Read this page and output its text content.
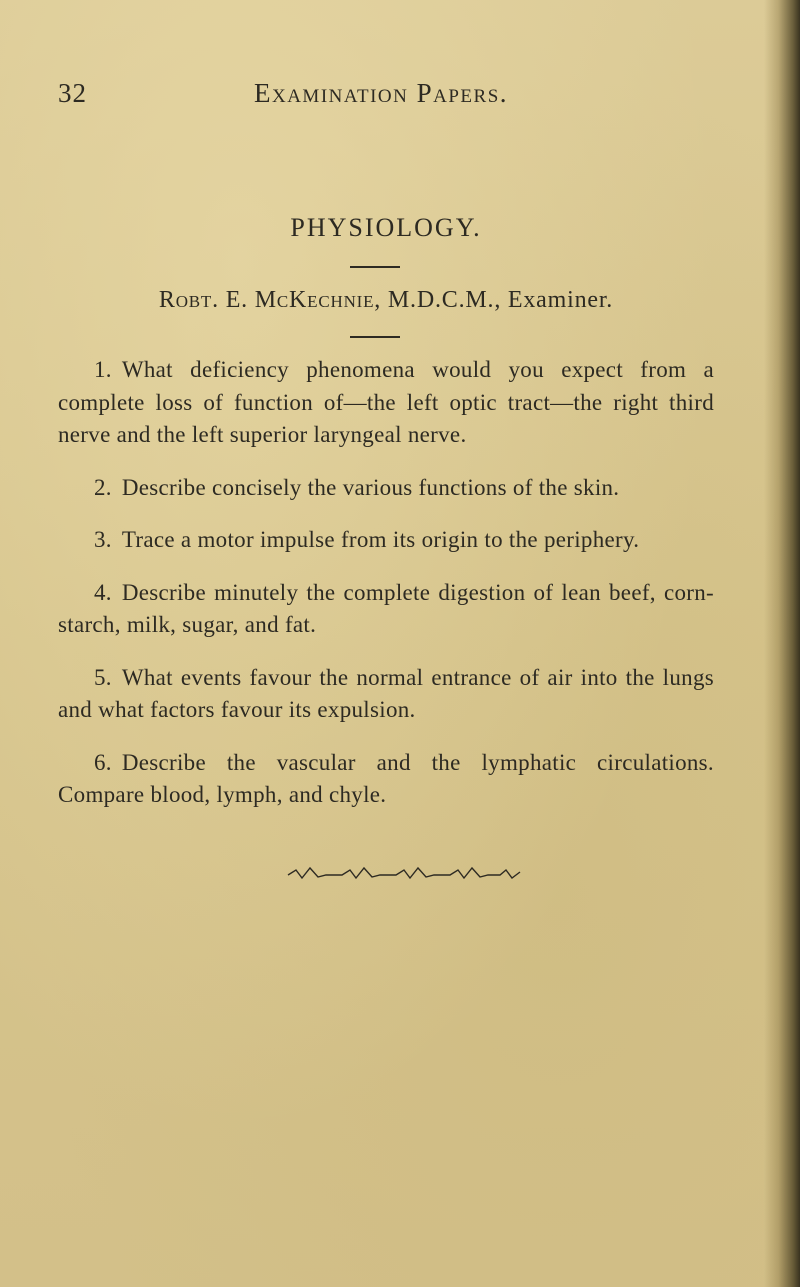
32	Examination Papers.
PHYSIOLOGY.
Robt. E. McKechnie, M.D.C.M., Examiner.

1. What deficiency phenomena would you expect from a complete loss of function of—the left optic tract—the right third nerve and the left superior laryngeal nerve.

2. Describe concisely the various functions of the skin.

3. Trace a motor impulse from its origin to the periphery.

4. Describe minutely the complete digestion of lean beef, corn-starch, milk, sugar, and fat.

5. What events favour the normal entrance of air into the lungs and what factors favour its expulsion.

6. Describe the vascular and the lymphatic circulations. Compare blood, lymph, and chyle.
